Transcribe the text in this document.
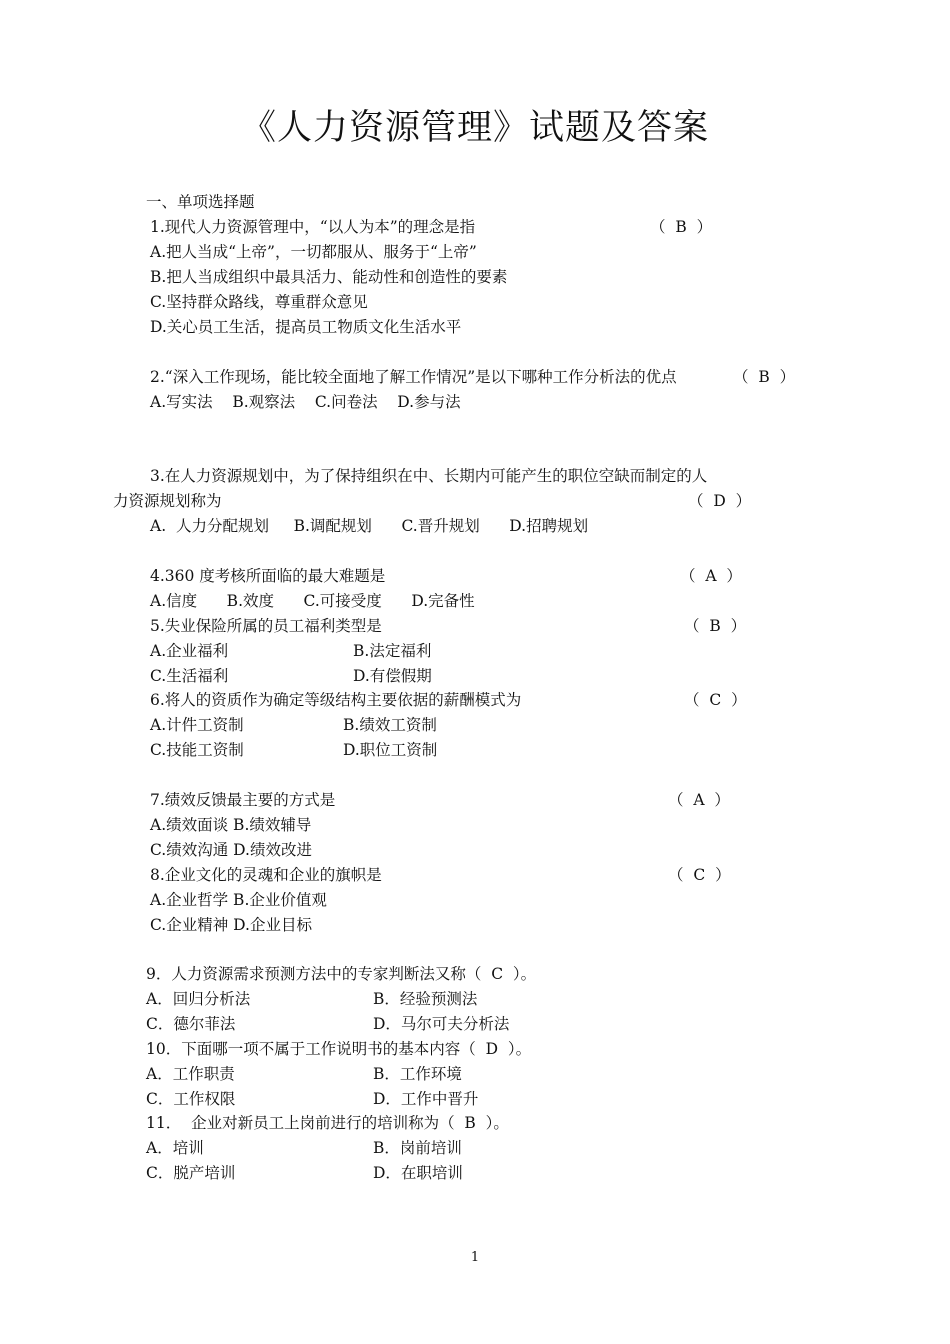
《人力资源管理》试题及答案
一、单项选择题
1.现代人力资源管理中，“以人为本”的理念是指	（  B  ）
A.把人当成“上帝”，一切都服从、服务于“上帝”
B.把人当成组织中最具活力、能动性和创造性的要素
C.坚持群众路线，尊重群众意见
D.关心员工生活，提高员工物质文化生活水平
2.“深入工作现场，能比较全面地了解工作情况”是以下哪种工作分析法的优点	（  B  ）
A.写实法    B.观察法    C.问卷法    D.参与法
3.在人力资源规划中，为了保持组织在中、长期内可能产生的职位空缺而制定的人
力资源规划称为	（  D  ）
A.  人力分配规划     B.调配规划      C.晋升规划      D.招聘规划
4.360 度考核所面临的最大难题是	（  A  ）
A.信度      B.效度      C.可接受度      D.完备性
5.失业保险所属的员工福利类型是	（  B  ）
A.企业福利	B.法定福利
C.生活福利	D.有偿假期
6.将人的资质作为确定等级结构主要依据的薪酬模式为	（  C  ）
A.计件工资制	B.绩效工资制
C.技能工资制	D.职位工资制
7.绩效反馈最主要的方式是	（  A  ）
A.绩效面谈 B.绩效辅导
C.绩效沟通 D.绩效改进
8.企业文化的灵魂和企业的旗帜是	（  C  ）
A.企业哲学 B.企业价值观
C.企业精神 D.企业目标
9．人力资源需求预测方法中的专家判断法又称（  C  ）。
A．回归分析法	B．经验预测法
C．德尔菲法	D．马尔可夫分析法
10．下面哪一项不属于工作说明书的基本内容（  D  ）。
A．工作职责	B．工作环境
C．工作权限	D．工作中晋升
11．  企业对新员工上岗前进行的培训称为（  B  ）。
A．培训	B．岗前培训
C．脱产培训	D．在职培训
1
